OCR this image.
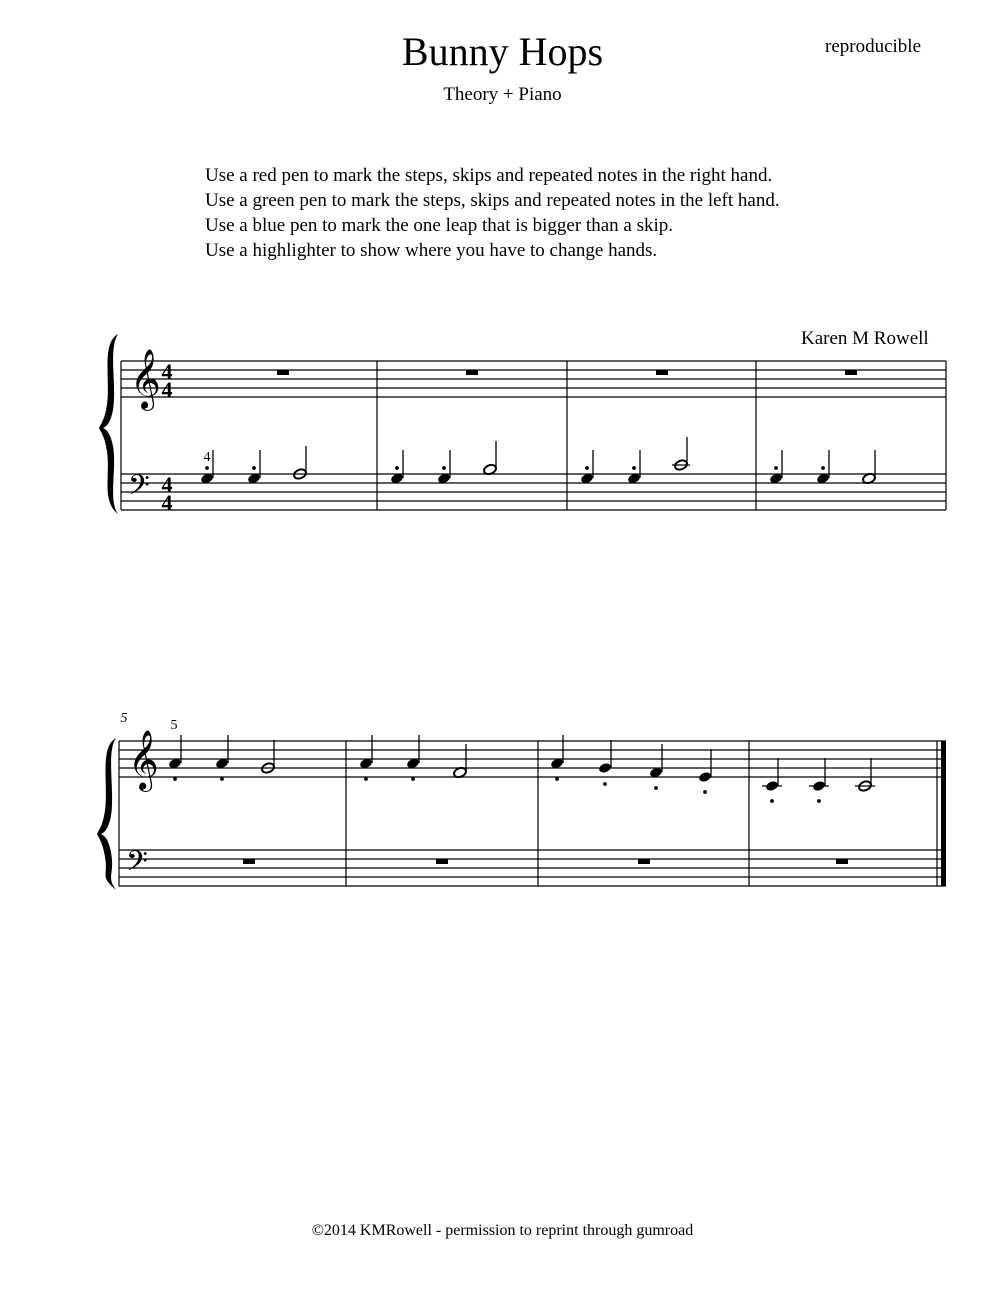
Bunny Hops	reproducible
Theory + Piano
Use a red pen to mark the steps, skips and repeated notes in the right hand.
Use a green pen to mark the steps, skips and repeated notes in the left hand.
Use a blue pen to mark the one leap that is bigger than a skip.
Use a highlighter to show where you have to change hands.
Karen M Rowell
𝄞
𝄢
4
4
4
4
4
5	5
𝄞
𝄢
©2014 KMRowell - permission to reprint through gumroad
